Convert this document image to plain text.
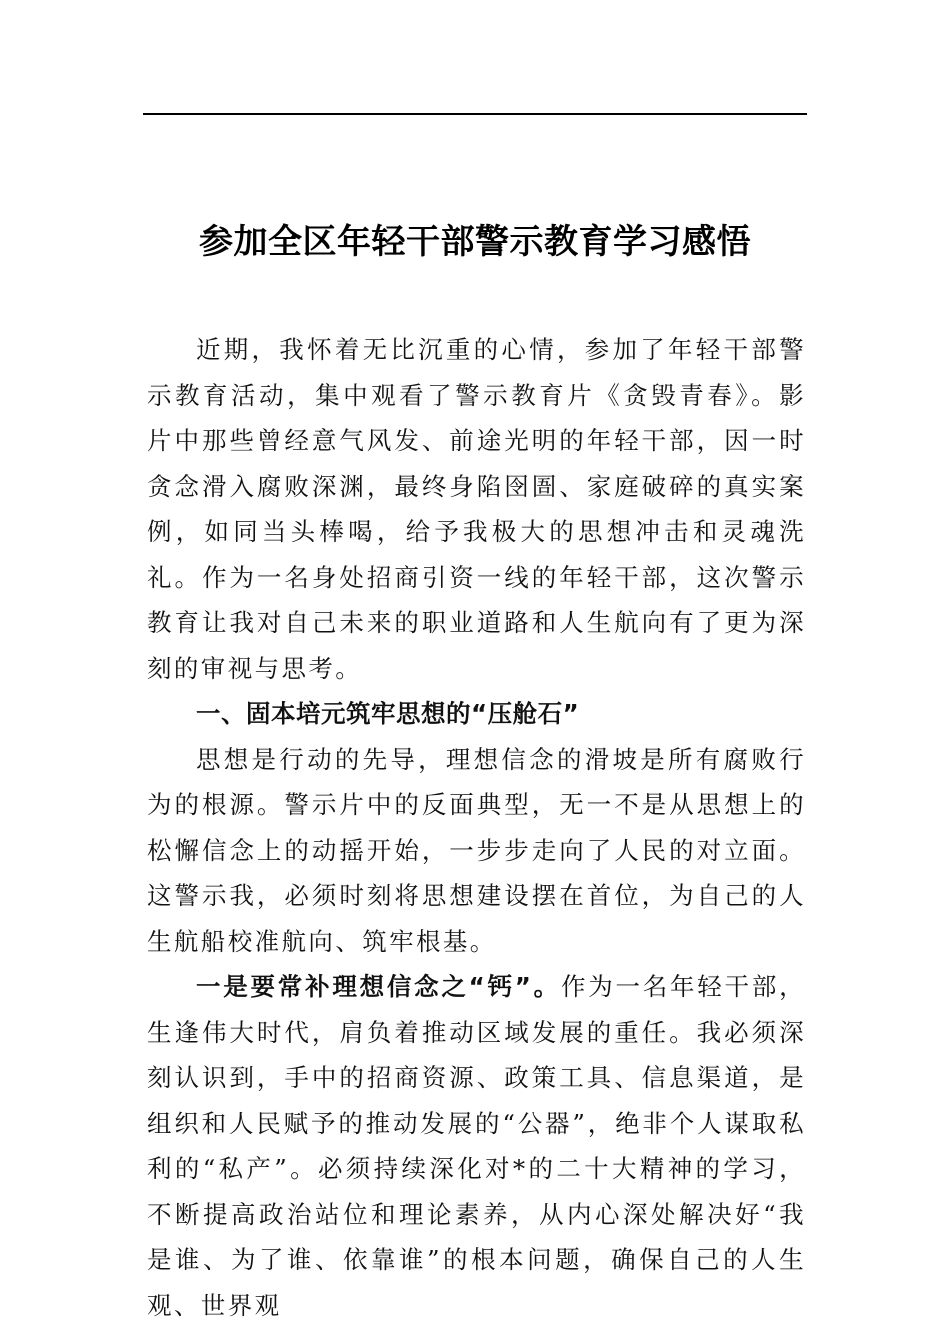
参加全区年轻干部警示教育学习感悟

近期，我怀着无比沉重的心情，参加了年轻干部警示教育活动，集中观看了警示教育片《贪毁青春》。影片中那些曾经意气风发、前途光明的年轻干部，因一时贪念滑入腐败深渊，最终身陷囹圄、家庭破碎的真实案例，如同当头棒喝，给予我极大的思想冲击和灵魂洗礼。作为一名身处招商引资一线的年轻干部，这次警示教育让我对自己未来的职业道路和人生航向有了更为深刻的审视与思考。

一、固本培元筑牢思想的“压舱石”

思想是行动的先导，理想信念的滑坡是所有腐败行为的根源。警示片中的反面典型，无一不是从思想上的松懈信念上的动摇开始，一步步走向了人民的对立面。这警示我，必须时刻将思想建设摆在首位，为自己的人生航船校准航向、筑牢根基。

一是要常补理想信念之“钙”。作为一名年轻干部，生逢伟大时代，肩负着推动区域发展的重任。我必须深刻认识到，手中的招商资源、政策工具、信息渠道，是组织和人民赋予的推动发展的“公器”，绝非个人谋取私利的“私产”。必须持续深化对*的二十大精神的学习，不断提高政治站位和理论素养，从内心深处解决好“我是谁、为了谁、依靠谁”的根本问题，确保自己的人生观、世界观
